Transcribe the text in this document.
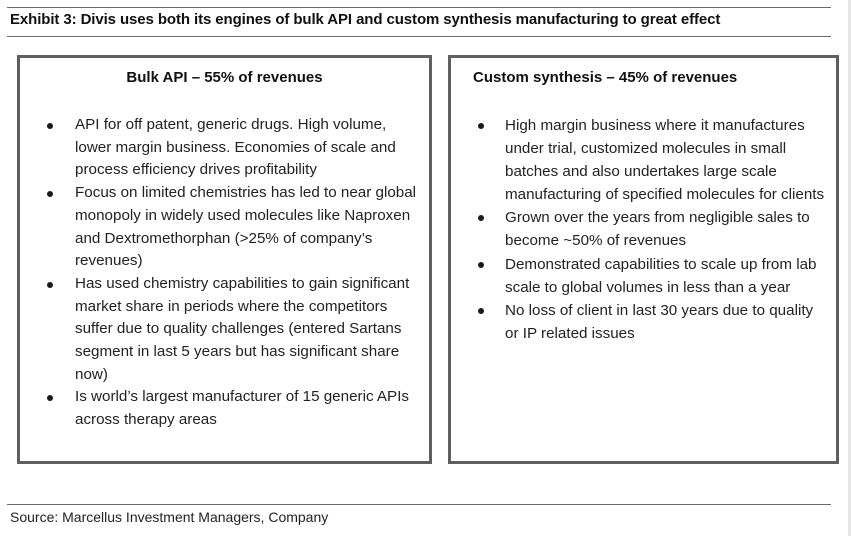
Exhibit 3: Divis uses both its engines of bulk API and custom synthesis manufacturing to great effect
Bulk API – 55% of revenues
API for off patent, generic drugs. High volume, lower margin business. Economies of scale and process efficiency drives profitability
Focus on limited chemistries has led to near global monopoly in widely used molecules like Naproxen and Dextromethorphan (>25% of company’s revenues)
Has used chemistry capabilities to gain significant market share in periods where the competitors suffer due to quality challenges (entered Sartans segment in last 5 years but has significant share now)
Is world’s largest manufacturer of 15 generic APIs across therapy areas
Custom synthesis – 45% of revenues
High margin business where it manufactures under trial, customized molecules in small batches and also undertakes large scale manufacturing of specified molecules for clients
Grown over the years from negligible sales to become ~50% of revenues
Demonstrated capabilities to scale up from lab scale to global volumes in less than a year
No loss of client in last 30 years due to quality or IP related issues
Source: Marcellus Investment Managers, Company
